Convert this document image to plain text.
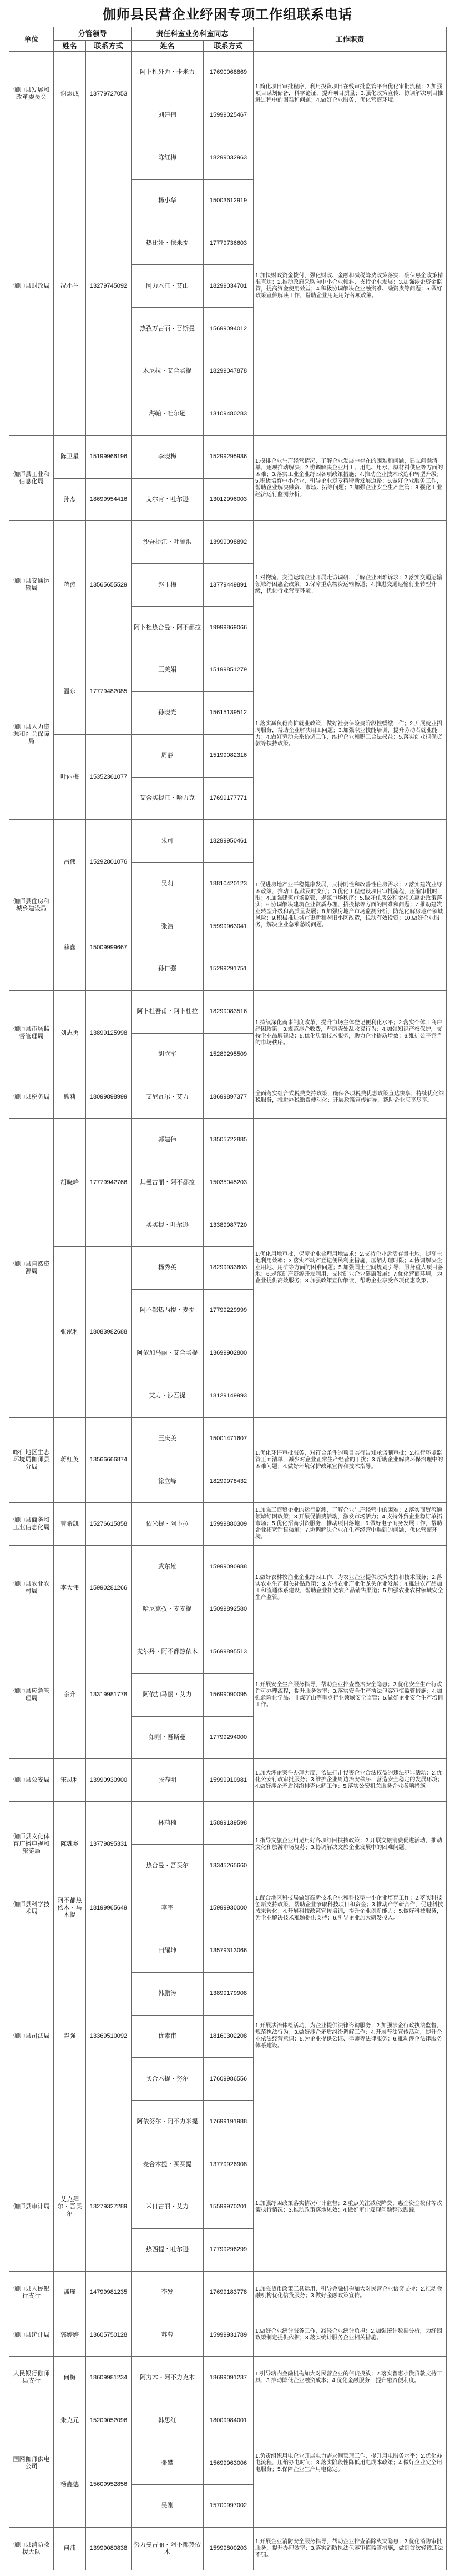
伽师县民营企业纾困专项工作组联系电话
单位	分管领导		责任科室业务科室同志		工作职责
	姓名	联系方式	姓名	联系方式	
伽师县发展和改革委员会	谢煜成	13779727053	阿卜杜外力・卡米力	17690068869	1.简化项目审批程序，利用投资项目在线审批监管平台优化审批流程；2.加强项目谋划储备，科学论证，提升项目质量；3.强化政策宣传，协调解决项目推进过程中的困难和问题；4.做好企业服务，优化营商环境。
			刘建伟	15999025467	
伽师县财政局	况小兰	13279745092	陈红梅	18299032963	1.加快财政资金拨付，强化财政、金融和减税降费政策落实，确保惠企政策精准直达；2.推动政府采购向中小企业倾斜，支持企业发展；3.加强涉企资金监管，提高资金使用效益；4.积极协调解决企业融资难、融资贵等问题；5.做好政策宣传解读工作，帮助企业用足用好各项政策。
			杨小华	15003612919	
			热比娅・依米提	17779736603	
			阿力木江・艾山	18299034701	
			热孜万古丽・吾斯曼	15699094012	
			木尼拉・艾合买提	18299047878	
			海帕・吐尔逊	13109480283	
伽师县工业和信息化局	陈卫星	15199966196	李晓梅	15299295936	1.摸排企业生产经营情况，了解企业发展中存在的困难和问题，建立问题清单，逐项推动解决；2.协调解决企业用工、用电、用水、原材料供应等方面的困难；3.落实工业企业纾困各项政策措施；4.推动企业技术改造和转型升级；5.积极培育中小企业，引导企业走专精特新发展道路；6.做好企业服务工作，帮助企业解决融资、市场开拓等问题；7.加强企业安全生产监管；8.强化工业经济运行监测分析。
	孙杰	18699954416	艾尔肯・吐尔逊	13012996003	
伽师县交通运输局	蒋涛	13565655529	沙吾提江・吐鲁洪	13999098892	1.对物流、交通运输企业开展走访调研，了解企业困难诉求；2.落实交通运输领域纾困惠企政策；3.保障重点物资运输畅通；4.推进交通运输行业转型升级，优化行业营商环境。
			赵玉梅	13779449891	
			阿卜杜热合曼・阿不都拉	19999869066	
伽师县人力资源和社会保障局	温东	17779482085	王美娟	15199851279	1.落实减负稳岗扩就业政策，做好社会保险费阶段性缓缴工作；2.开展就业招聘服务，帮助企业解决用工问题；3.加强职业技能培训，提升劳动者就业能力；4.做好劳动关系协调工作，维护企业和职工合法权益；5.落实创业担保贷款等扶持政策。
			孙晓光	15615139512	
	叶丽梅	15352361077	周静	15199082316	
			艾合买提江・哈力克	17699177771	
伽师县住房和城乡建设局	吕伟	15292801076	朱可	18299950461	1.促进房地产业平稳健康发展，支持刚性和改善性住房需求；2.落实建筑业纾困政策，推动工程款及时支付；3.优化工程建设项目审批流程，压缩审批时限；4.加强建筑市场监管，规范市场秩序；5.做好住房公积金相关惠企政策落实；6.协调解决建筑企业资质办理、招投标等方面的困难和问题；7.推动建筑业转型升级和高质量发展；8.加强房地产市场监测分析，防范化解房地产领域风险；9.积极推进城市更新和老旧小区改造，拉动有效投资；10.做好企业服务，解决企业急难愁盼问题。
			吴莉	18810420123	
	薛鑫	15009999667	张浩	15999963041	
			孙仁强	15299291751	
伽师县市场监督管理局	刘志勇	13899125998	阿卜杜吾甫・阿卜杜拉	18299083516	1.持续深化商事制度改革，提升市场主体登记便利化水平；2.落实个体工商户纾困政策；3.规范涉企收费，严厉查处乱收费行为；4.加强知识产权保护，支持企业品牌建设；5.优化质量技术服务，助力企业提质增效；6.维护公平竞争的市场秩序。
			胡立军	15289295509	
伽师县税务局	熊莉	18099898999	艾尼瓦尔・艾力	18699897377	全面落实组合式税费支持政策，确保各项税费优惠政策直达快享；持续优化纳税服务，推进办税缴费便利化；开展政策宣传辅导，帮助企业应享尽享。
伽师县自然资源局	胡晓峰	17779942766	郭建伟	13505722885	1.优化用地审批，保障企业合理用地需求；2.支持企业盘活存量土地，提高土地利用效率；3.落实不动产登记便民利企措施，压缩办理时限；4.协调解决企业用地、用矿等方面的困难问题；5.加强国土空间规划引导，服务重大项目落地；6.规范矿产资源开发利用，支持矿业企业健康发展；7.优化营商环境，为企业提供高效服务；8.加强政策宣传解读，帮助企业享受各项优惠政策。
			其曼古丽・阿不都拉	15035045203	
			买买提・吐尔逊	13389987720	
	张泓利	18083982688	杨秀英	18299933603	
			阿不都热西提・麦提	17799229999	
			阿依加马丽・艾合买提	13699902800	
			艾力・沙吾提	18129149993	
喀什地区生态环境局伽师县分局	蒋红英	13566666874	王庆美	15001471607	1.优化环评审批服务，对符合条件的项目实行告知承诺制审批；2.推行环境监管正面清单，减少对企业正常生产经营的干扰；3.帮助企业解决环保治理中的困难问题；4.做好环境保护政策宣传和技术指导。
			徐立峰	18299978432	
伽师县商务和工业信息化局	曹希凯	15276615858	依米提・阿卜拉	15999880309	1.加强工商贸企业的运行监测，了解企业生产经营中的困难；2.落实商贸流通领域纾困政策；3.开展促消费活动，激发市场活力；4.支持外贸企业稳订单拓市场；5.优化招商引资服务，推动项目落地；6.做好电子商务发展工作，帮助企业拓宽销售渠道；7.协调解决企业在生产经营中遇到的问题，优化营商环境。
伽师县农业农村局	李大伟	15990281266	武东雄	15999090988	1.做好农林牧渔业企业纾困工作，为农业企业提供政策支持和技术服务；2.落实农业生产相关补贴政策；3.支持农业产业化龙头企业发展；4.推进农产品加工和流通体系建设，帮助企业拓宽农产品销售渠道；5.加强农业农村领域安全生产监管。
			哈尼克孜・麦麦提	15099892580	
伽师县应急管理局	余升	13319981778	麦尔丹・阿不都热依木	15699895513	1.开展安全生产服务指导，帮助企业排查整治安全隐患；2.优化安全生产行政许可办理流程，提升服务效率；3.落实安全生产执法包容审慎监管措施；4.加强危险化学品、非煤矿山等重点行业领域安全监管；5.做好企业安全生产培训工作。
			阿依加马丽・艾力	15699090095	
			如则・吾斯曼	17799294000	
伽师县公安局	宋凤利	13990930900	张春明	15999910981	1.加大涉企案件办理力度，依法打击侵害企业合法权益的违法犯罪活动；2.优化公安行政审批服务；3.维护企业周边治安秩序，营造安全稳定的发展环境；4.做好涉企矛盾纠纷排查化解工作；5.落实公安机关服务企业各项措施。
伽师县文化体育广播电视和旅游局	陈魏乡	13779895331	林莉楠	15899139598	1.指导文旅企业用足用好各项纾困扶持政策；2.开展文旅消费促进活动，推动文化和旅游市场复苏；3.协调解决文旅企业发展中的困难问题。
			热合曼・吾买尔	13345265660	
伽师县科学技术局	阿不都热依木・马木提	18199965649	李宇	15999930000	1.配合地区科技局做好高新技术企业和科技型中小企业培育工作；2.落实科技创新支持政策，帮助企业争取科技项目和资金；3.推动产学研合作，促进科技成果转化；4.开展科技政策宣传培训，提升企业创新能力；5.做好科技服务，为企业解决技术难题提供支持；6.引导企业加大研发投入。
伽师县司法局	赵强	13369510092	田耀坤	13579313066	1.开展法治体检活动，为企业提供法律咨询服务；2.加强涉企行政执法监督，规范执法行为；3.做好涉企矛盾纠纷调解工作；4.开展普法宣传活动，提升企业依法经营意识；5.为企业提供公证、律师等法律服务；6.推动涉企法律服务体系建设。
			韩鹏涛	13899179908	
			优素甫	18160302208	
			买合木提・努尔	17609986556	
			阿依努尔・阿不力米提	17699191988	
伽师县审计局	艾克拜尔・吾买尔	13279327289	麦合木提・买买提	13779926908	1.加强纾困政策落实情况审计监督；2.重点关注减税降费、惠企资金拨付等政策执行情况；3.推动政策落地见效；4.做好审计发现问题整改跟踪。
			米日古丽・艾力	15599970201	
			热西提・吐尔逊	17799296299	
伽师县人民银行支行	潘瑾	14799981235	李发	17699183778	1.加强货币政策工具运用，引导金融机构加大对民营企业信贷支持；2.推动金融机构优化信贷服务；3.做好金融政策宣传。
伽师县统计局	郭婷婷	13605750128	苏蓉	15999931789	1.做好企业统计服务工作，减轻企业统计负担；2.加强统计数据分析，为纾困政策制定提供依据；3.落实统计服务企业相关措施。
人民银行伽师县支行	何梅	18609981234	阿力木・阿不力克木	18699091237	1.引导辖内金融机构加大对民营企业的信贷投放；2.落实普惠小微贷款支持工具；3.推动降低企业融资成本；4.优化金融服务，提升融资便利度。
国网伽师供电公司	朱克元	15209052096	韩思红	18009984001	1.负责组织用电企业开展电力需求侧管理工作，提升用电服务水平；2.优化办电流程，压缩办电时间；3.落实阶段性降低用电成本政策；4.做好企业安全用电服务；5.保障企业生产用电稳定。
	杨鑫德	15609952856	张攀	15699963006	
			吴刚	15700997002	
伽师县消防救援大队	何浦	13999080838	努力曼古丽・阿不都热依木	15999800203	1.开展企业消防安全服务指导，帮助企业排查消除火灾隐患；2.优化消防审批服务，提升办理效率；3.落实消防执法包容审慎监管措施，做到首次轻微违法不罚。
